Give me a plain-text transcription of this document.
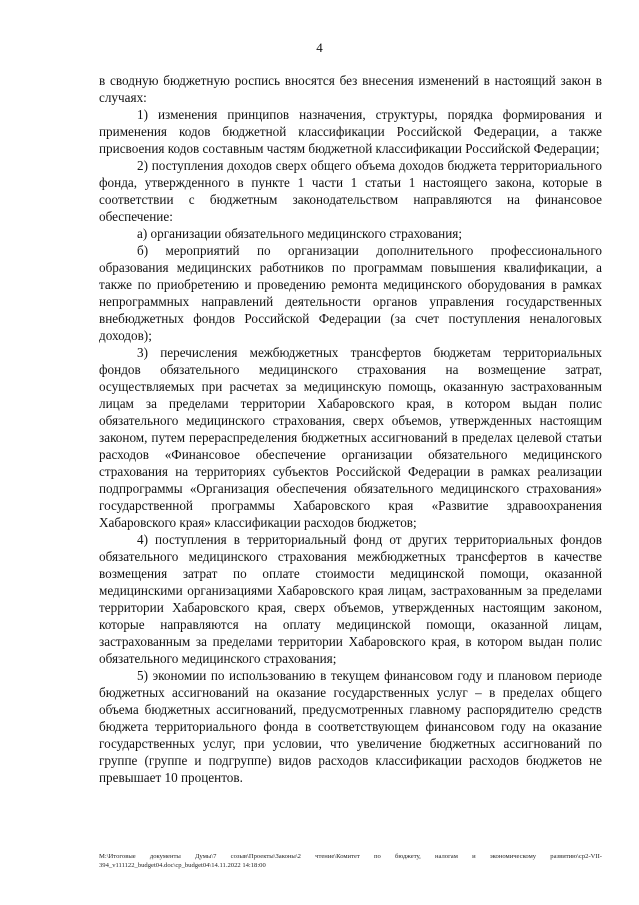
4

в сводную бюджетную роспись вносятся без внесения изменений в настоящий закон в случаях:

1) изменения принципов назначения, структуры, порядка формирования и применения кодов бюджетной классификации Российской Федерации, а также присвоения кодов составным частям бюджетной классификации Российской Федерации;

2) поступления доходов сверх общего объема доходов бюджета территориального фонда, утвержденного в пункте 1 части 1 статьи 1 настоящего закона, которые в соответствии с бюджетным законодательством направляются на финансовое обеспечение:

а) организации обязательного медицинского страхования;

б) мероприятий по организации дополнительного профессионального образования медицинских работников по программам повышения квалификации, а также по приобретению и проведению ремонта медицинского оборудования в рамках непрограммных направлений деятельности органов управления государственных внебюджетных фондов Российской Федерации (за счет поступления неналоговых доходов);

3) перечисления межбюджетных трансфертов бюджетам территориальных фондов обязательного медицинского страхования на возмещение затрат, осуществляемых при расчетах за медицинскую помощь, оказанную застрахованным лицам за пределами территории Хабаровского края, в котором выдан полис обязательного медицинского страхования, сверх объемов, утвержденных настоящим законом, путем перераспределения бюджетных ассигнований в пределах целевой статьи расходов «Финансовое обеспечение организации обязательного медицинского страхования на территориях субъектов Российской Федерации в рамках реализации подпрограммы «Организация обеспечения обязательного медицинского страхования» государственной программы Хабаровского края «Развитие здравоохранения Хабаровского края» классификации расходов бюджетов;

4) поступления в территориальный фонд от других территориальных фондов обязательного медицинского страхования межбюджетных трансфертов в качестве возмещения затрат по оплате стоимости медицинской помощи, оказанной медицинскими организациями Хабаровского края лицам, застрахованным за пределами территории Хабаровского края, сверх объемов, утвержденных настоящим законом, которые направляются на оплату медицинской помощи, оказанной лицам, застрахованным за пределами территории Хабаровского края, в котором выдан полис обязательного медицинского страхования;

5) экономии по использованию в текущем финансовом году и плановом периоде бюджетных ассигнований на оказание государственных услуг – в пределах общего объема бюджетных ассигнований, предусмотренных главному распорядителю средств бюджета территориального фонда в соответствующем финансовом году на оказание государственных услуг, при условии, что увеличение бюджетных ассигнований по группе (группе и подгруппе) видов расходов классификации расходов бюджетов не превышает 10 процентов.

M:\Итоговые документы Думы\7 созыв\Проекты\Законы\2 чтение\Комитет по бюджету, налогам и экономическому развитию\ср2-VII-394_v111122_budget04.doc\ср_budget04\14.11.2022 14:18:00
